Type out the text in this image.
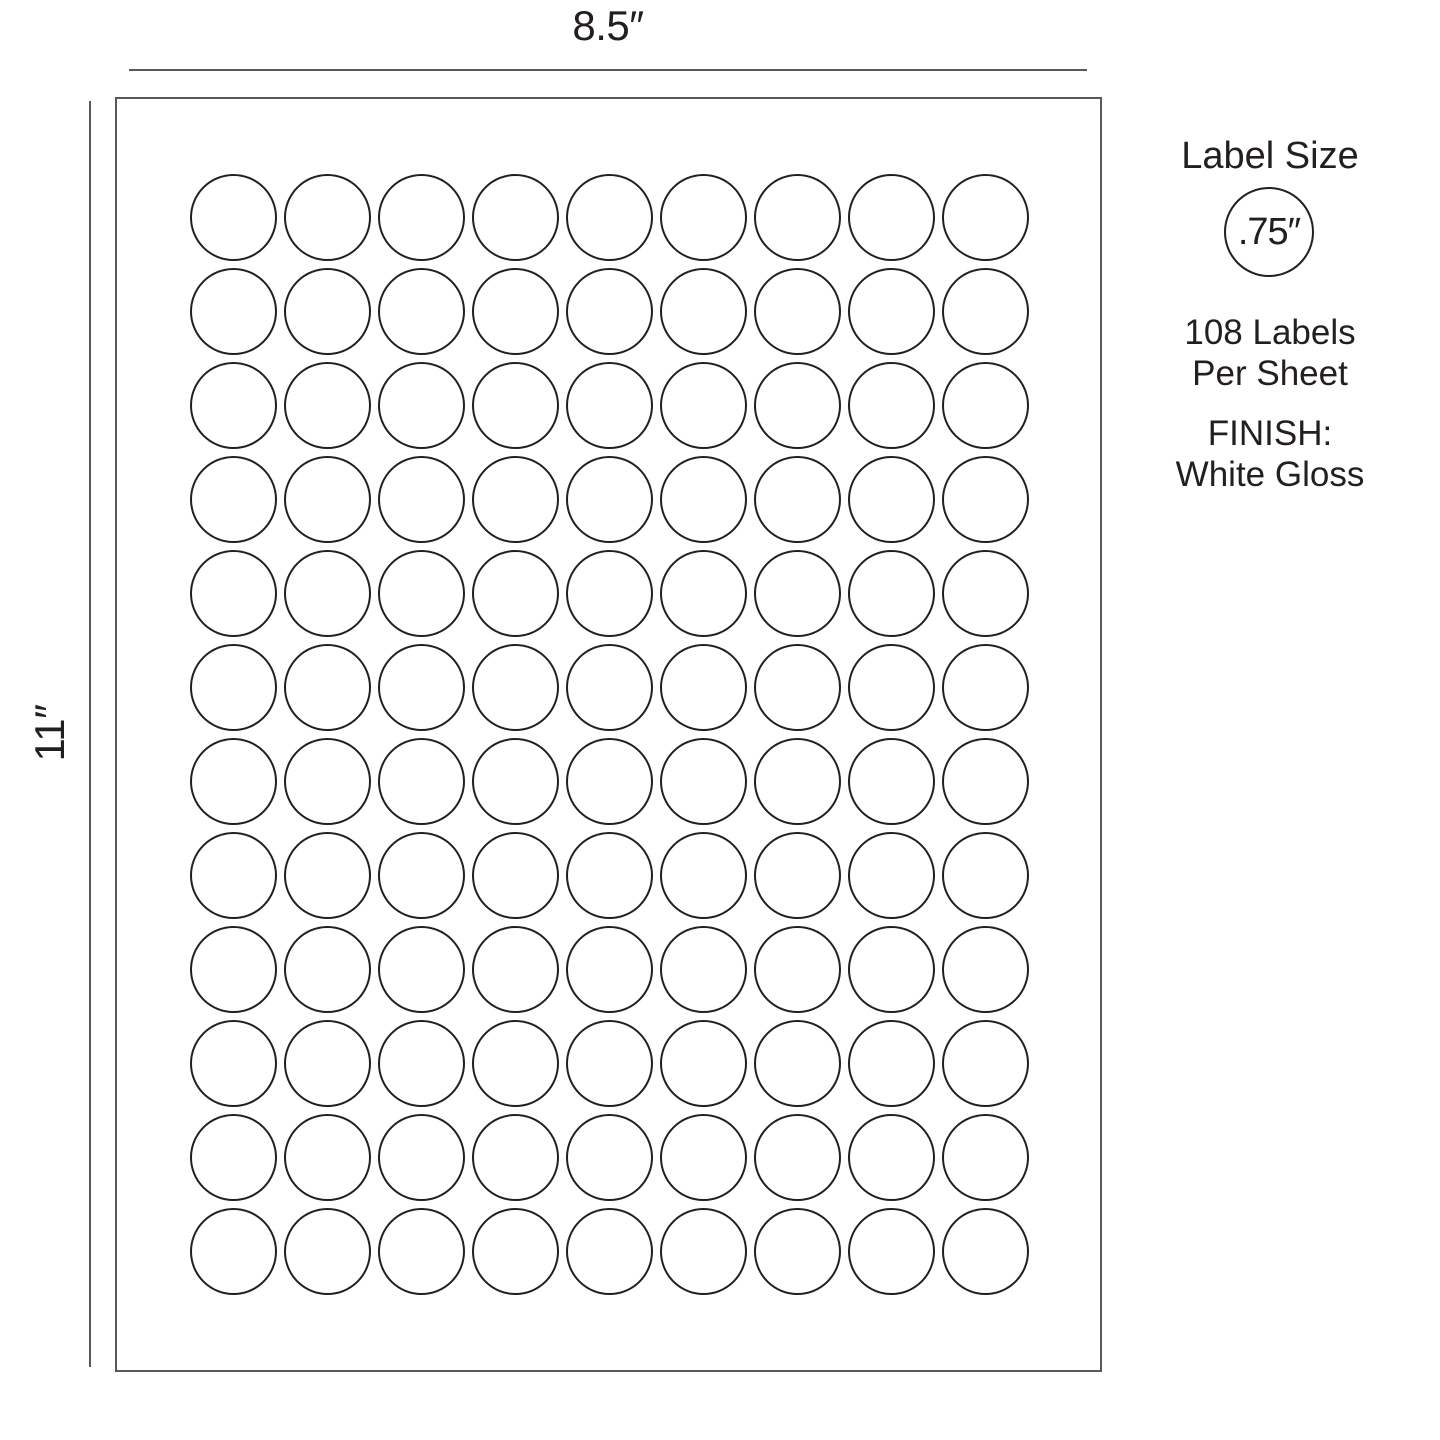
8.5″
11″
Label Size
.75″
108 Labels
Per Sheet
FINISH:
White Gloss
